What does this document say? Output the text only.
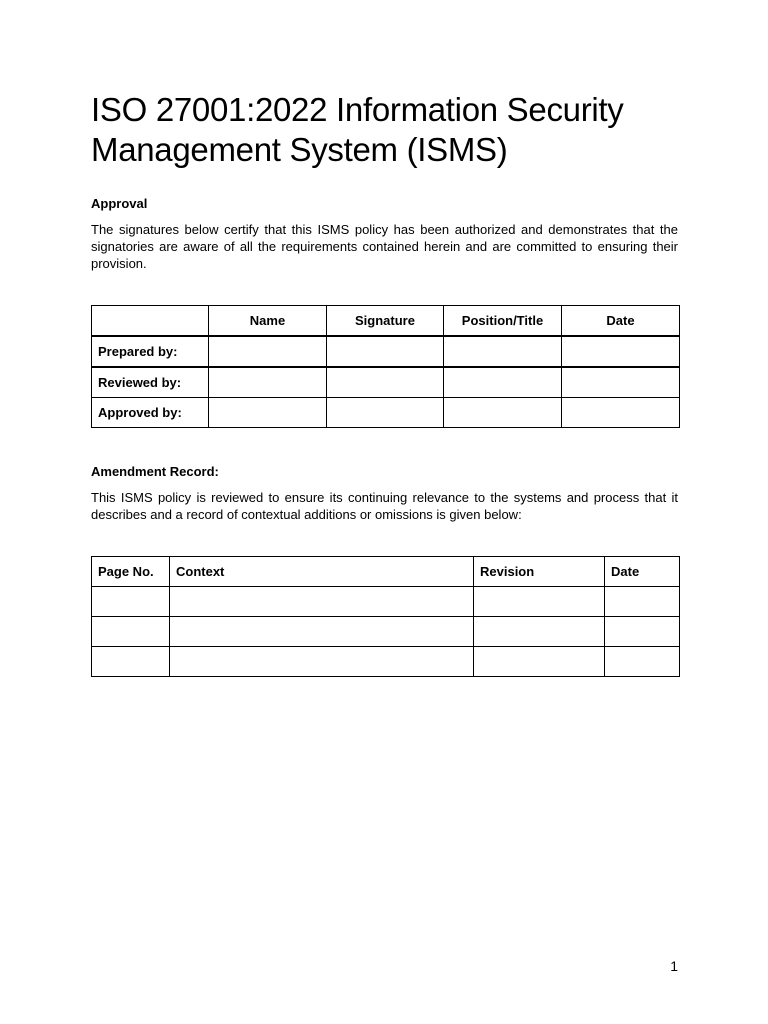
ISO 27001:2022 Information Security Management System (ISMS)
Approval

The signatures below certify that this ISMS policy has been authorized and demonstrates that the signatories are aware of all the requirements contained herein and are committed to ensuring their provision.

	Name	Signature	Position/Title	Date
Prepared by:				
Reviewed by:				
Approved by:				
Amendment Record:

This ISMS policy is reviewed to ensure its continuing relevance to the systems and process that it describes and a record of contextual additions or omissions is given below:

Page No.	Context	Revision	Date

1
